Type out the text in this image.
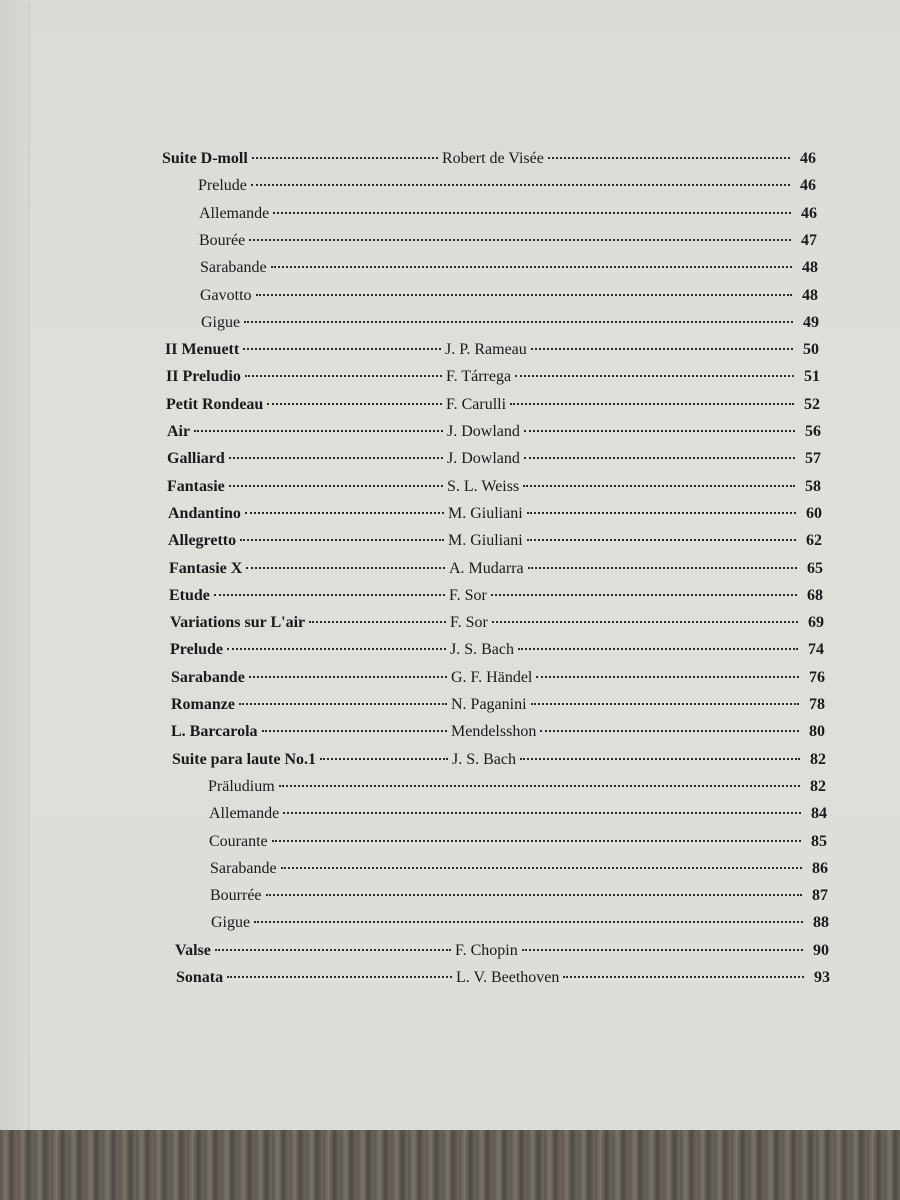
Suite D-moll	Robert de Visée	46
Prelude	46
Allemande	46
Bourée	47
Sarabande	48
Gavotto	48
Gigue	49
II Menuett	J. P. Rameau	50
II Preludio	F. Tárrega	51
Petit Rondeau	F. Carulli	52
Air	J. Dowland	56
Galliard	J. Dowland	57
Fantasie	S. L. Weiss	58
Andantino	M. Giuliani	60
Allegretto	M. Giuliani	62
Fantasie X	A. Mudarra	65
Etude	F. Sor	68
Variations sur L'air	F. Sor	69
Prelude	J. S. Bach	74
Sarabande	G. F. Händel	76
Romanze	N. Paganini	78
L. Barcarola	Mendelsshon	80
Suite para laute No.1	J. S. Bach	82
Präludium	82
Allemande	84
Courante	85
Sarabande	86
Bourrée	87
Gigue	88
Valse	F. Chopin	90
Sonata	L. V. Beethoven	93
